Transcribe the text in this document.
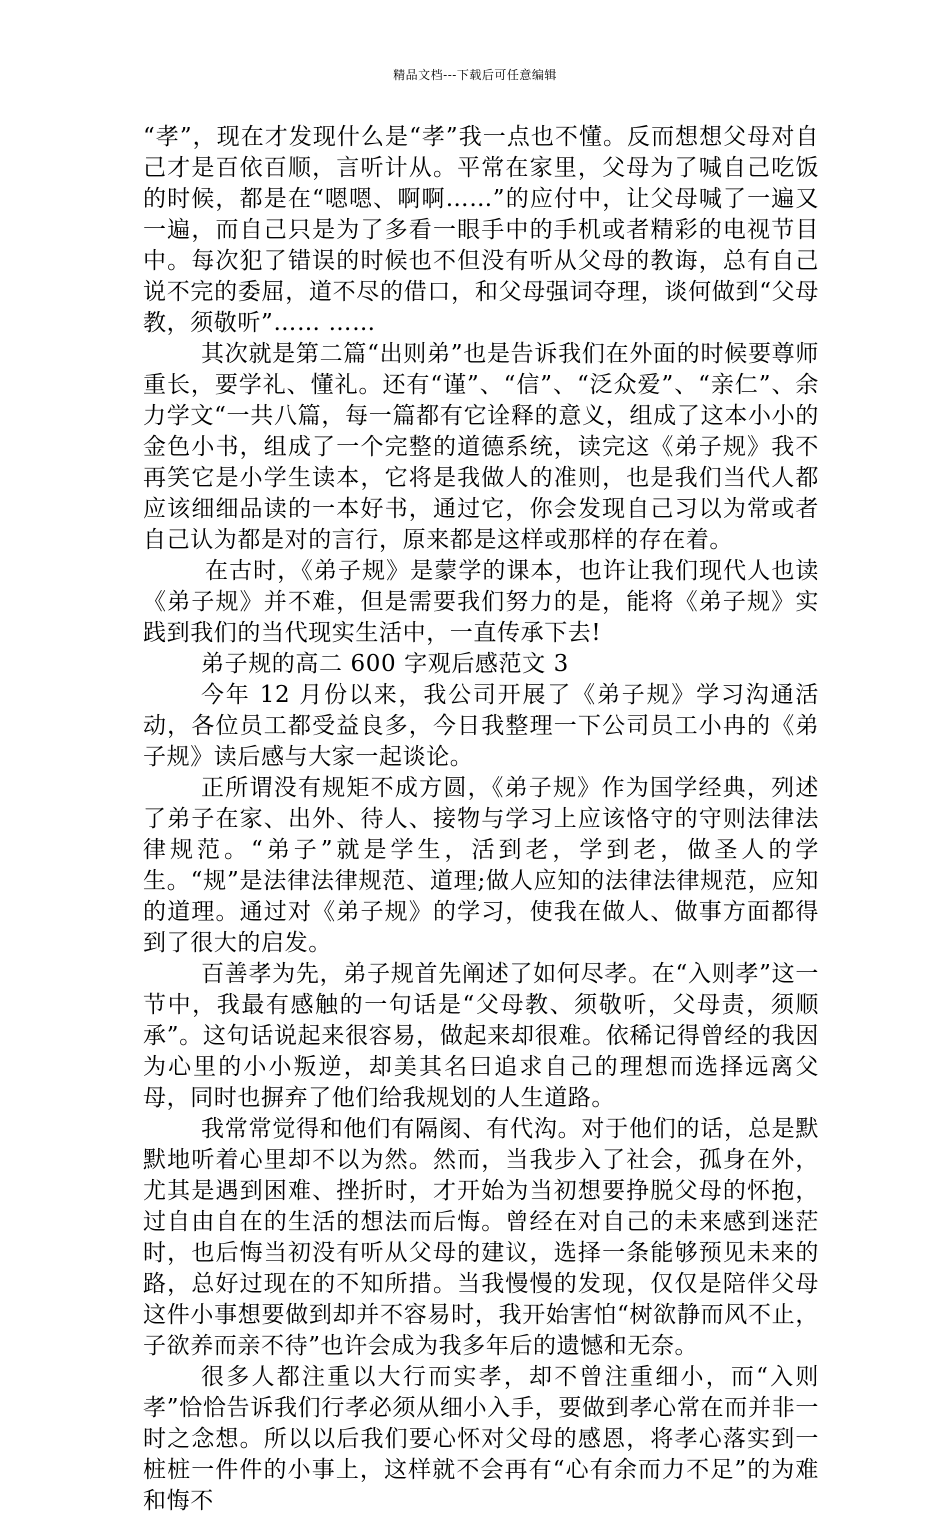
精品文档---下载后可任意编辑

“孝”，现在才发现什么是“孝”我一点也不懂。反而想想父母对自己才是百依百顺，言听计从。平常在家里，父母为了喊自己吃饭的时候，都是在“嗯嗯、啊啊……”的应付中，让父母喊了一遍又一遍，而自己只是为了多看一眼手中的手机或者精彩的电视节目中。每次犯了错误的时候也不但没有听从父母的教诲，总有自己说不完的委屈，道不尽的借口，和父母强词夺理，谈何做到“父母教，须敬听”…… ……

其次就是第二篇“出则弟”也是告诉我们在外面的时候要尊师重长，要学礼、懂礼。还有“谨”、“信”、“泛众爱”、“亲仁”、余力学文“一共八篇，每一篇都有它诠释的意义，组成了这本小小的金色小书，组成了一个完整的道德系统，读完这《弟子规》我不再笑它是小学生读本，它将是我做人的准则，也是我们当代人都应该细细品读的一本好书，通过它，你会发现自己习以为常或者自己认为都是对的言行，原来都是这样或那样的存在着。

在古时，《弟子规》是蒙学的课本，也许让我们现代人也读《弟子规》并不难，但是需要我们努力的是，能将《弟子规》实践到我们的当代现实生活中，一直传承下去!

弟子规的高二 600 字观后感范文 3

今年 12 月份以来，我公司开展了《弟子规》学习沟通活动，各位员工都受益良多，今日我整理一下公司员工小冉的《弟子规》读后感与大家一起谈论。

正所谓没有规矩不成方圆，《弟子规》作为国学经典，列述了弟子在家、出外、待人、接物与学习上应该恪守的守则法律法律规范。“弟子”就是学生，活到老，学到老，做圣人的学生。“规”是法律法律规范、道理;做人应知的法律法律规范，应知的道理。通过对《弟子规》的学习，使我在做人、做事方面都得到了很大的启发。

百善孝为先，弟子规首先阐述了如何尽孝。在“入则孝”这一节中，我最有感触的一句话是“父母教、须敬听，父母责，须顺承”。这句话说起来很容易，做起来却很难。依稀记得曾经的我因为心里的小小叛逆，却美其名曰追求自己的理想而选择远离父母，同时也摒弃了他们给我规划的人生道路。

我常常觉得和他们有隔阂、有代沟。对于他们的话，总是默默地听着心里却不以为然。然而，当我步入了社会，孤身在外，尤其是遇到困难、挫折时，才开始为当初想要挣脱父母的怀抱，过自由自在的生活的想法而后悔。曾经在对自己的未来感到迷茫时，也后悔当初没有听从父母的建议，选择一条能够预见未来的路，总好过现在的不知所措。当我慢慢的发现，仅仅是陪伴父母这件小事想要做到却并不容易时，我开始害怕“树欲静而风不止，子欲养而亲不待”也许会成为我多年后的遗憾和无奈。

很多人都注重以大行而实孝，却不曾注重细小，而“入则孝”恰恰告诉我们行孝必须从细小入手，要做到孝心常在而并非一时之念想。所以以后我们要心怀对父母的感恩，将孝心落实到一桩桩一件件的小事上，这样就不会再有“心有余而力不足”的为难和悔不
